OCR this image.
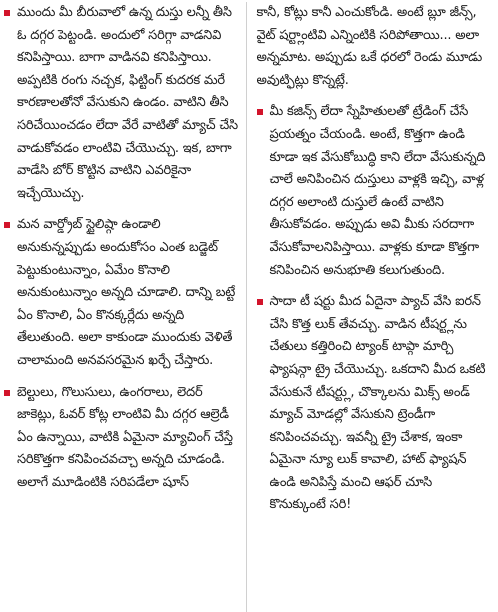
ముందు మీ బీరువాలో ఉన్న దుస్తు లన్నీ తీసి ఓ దగ్గర పెట్టండి. అందులో సరిగ్గా వాడనివి కనిపిస్తాయి. బాగా వాడినవి కనిపిస్తాయి. అప్పటికి రంగు నచ్చక, ఫిట్టింగ్ కుదరక మరే కారణాలతోనో వేసుకుని ఉండం. వాటిని తీసి సరిచేయించడం లేదా వేరే వాటితో మ్యాచ్ చేసి వాడుకోవడం లాంటివి చేయొచ్చు. ఇక, బాగా వాడేసి బోర్ కొట్టిన వాటిని ఎవరికైనా ఇచ్చేయొచ్చు.

మన వార్డ్రోబ్ స్టైలిష్గా ఉండాలి అనుకున్నప్పుడు అందుకోసం ఎంత బడ్జెట్ పెట్టుకుంటున్నాం, ఏమేం కొనాలి అనుకుంటున్నాం అన్నది చూడాలి. దాన్ని బట్టే ఏం కొనాలి, ఏం కొనక్కర్లేదు అన్నది తేలుతుంది. అలా కాకుండా ముందుకు వెళితే చాలామంది అనవసరమైన ఖర్చే చేస్తారు.

బెల్టులు, గొలుసులు, ఉంగరాలు, లెదర్ జాకెట్లు, ఓవర్ కోట్ల లాంటివి మీ దగ్గర ఆల్రెడీ ఏం ఉన్నాయి, వాటికి ఏమైనా మ్యాచింగ్ చేస్తే సరికొత్తగా కనిపించవచ్చా అన్నది చూడండి. అలాగే మూడింటికి సరిపడేలా షూస్

కానీ, కోట్లు కానీ ఎంచుకోండి. అంటే బ్లూ జీన్స్, వైట్ షర్ట్లాంటివి ఎన్నింటికి సరిపోతాయి... అలా అన్నమాట. అప్పుడు ఒకే ధరలో రెండు మూడు అవుట్ఫిట్లు కొన్నట్లే.

మీ కజిన్స్ లేదా స్నేహితులతో ట్రేడింగ్ చేసే ప్రయత్నం చేయండి. అంటే, కొత్తగా ఉండి కూడా ఇక వేసుకోబుద్ధి కాని లేదా వేసుకున్నది చాలే అనిపించిన దుస్తులు వాళ్లకి ఇచ్చి, వాళ్ల దగ్గర అలాంటి దుస్తులే ఉంటే వాటిని తీసుకోవడం. అప్పుడు అవి మీకు సరదాగా వేసుకోవాలనిపిస్తాయి. వాళ్లకు కూడా కొత్తగా కనిపించిన అనుభూతి కలుగుతుంది.

సాదా టీ షర్టు మీద ఏదైనా ప్యాచ్ వేసి ఐరన్ చేసి కొత్త లుక్ తేవచ్చు. వాడిన టీషర్ట్లను చేతులు కత్తిరించి ట్యాంక్ టాప్గా మార్చి ఫ్యాషన్గా ట్రై చేయొచ్చు. ఒకదాని మీద ఒకటి వేసుకునే టీషర్ట్లు, చొక్కాలను మిక్స్ అండ్ మ్యాచ్ మోడల్లో వేసుకుని ట్రెండీగా కనిపించవచ్చు. ఇవన్నీ ట్రై చేశాక, ఇంకా ఏమైనా న్యూ లుక్ కావాలి, హాట్ ఫ్యాషన్ ఉండి అనిపిస్తే మంచి ఆఫర్ చూసి కొనుక్కుంటే సరి!
